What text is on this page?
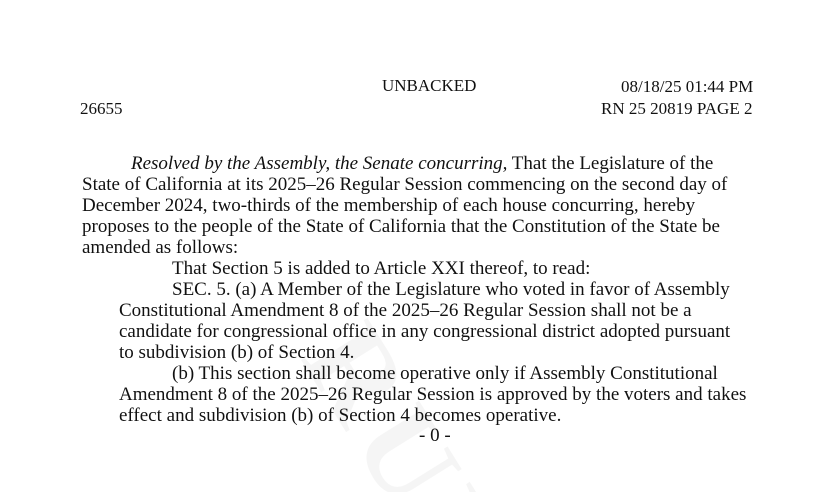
UNBACKED	08/18/25 01:44 PM
26655	RN 25 20819 PAGE 2
Resolved by the Assembly, the Senate concurring, That the Legislature of the
State of California at its 2025–26 Regular Session commencing on the second day of
December 2024, two-thirds of the membership of each house concurring, hereby
proposes to the people of the State of California that the Constitution of the State be
amended as follows:
That Section 5 is added to Article XXI thereof, to read:
SEC. 5. (a) A Member of the Legislature who voted in favor of Assembly
Constitutional Amendment 8 of the 2025–26 Regular Session shall not be a
candidate for congressional office in any congressional district adopted pursuant
to subdivision (b) of Section 4.
(b) This section shall become operative only if Assembly Constitutional
Amendment 8 of the 2025–26 Regular Session is approved by the voters and takes
effect and subdivision (b) of Section 4 becomes operative.
- 0 -
